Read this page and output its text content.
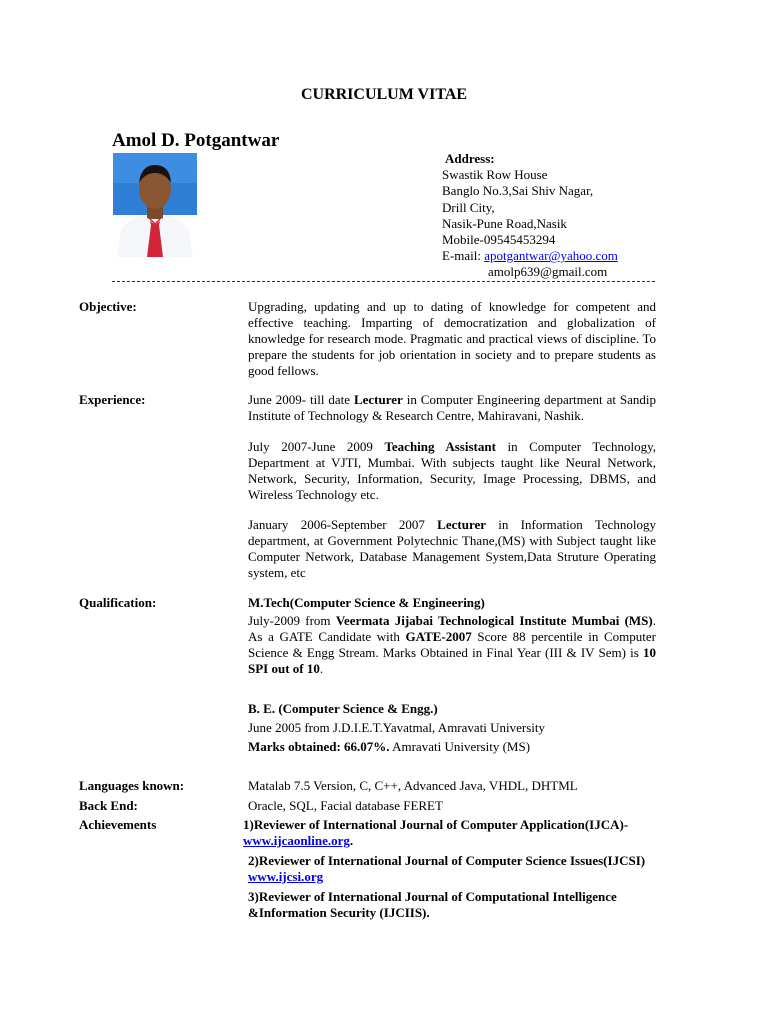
CURRICULUM VITAE
Amol D. Potgantwar
Address:
Swastik Row House
Banglo No.3,Sai Shiv Nagar,
Drill City,
Nasik-Pune Road,Nasik
Mobile-09545453294
E-mail: apotgantwar@yahoo.com
amolp639@gmail.com
Objective:	Upgrading, updating and up to dating of knowledge for competent and effective teaching. Imparting of democratization and globalization of knowledge for research mode. Pragmatic and practical views of discipline. To prepare the students for job orientation in society and to prepare students as good fellows.
Experience:	June 2009- till date Lecturer in Computer Engineering department at Sandip Institute of Technology & Research Centre, Mahiravani, Nashik.
July 2007-June 2009 Teaching Assistant in Computer Technology, Department at VJTI, Mumbai. With subjects taught like Neural Network, Network, Security, Information, Security, Image Processing, DBMS, and Wireless Technology etc.
January 2006-September 2007 Lecturer in Information Technology department, at Government Polytechnic Thane,(MS) with Subject taught like Computer Network, Database Management System,Data Struture Operating system, etc
Qualification:	M.Tech(Computer Science & Engineering)
July-2009 from Veermata Jijabai Technological Institute Mumbai (MS). As a GATE Candidate with GATE-2007 Score 88 percentile in Computer Science & Engg Stream. Marks Obtained in Final Year (III & IV Sem) is 10 SPI out of 10.
B. E. (Computer Science & Engg.)
June 2005 from J.D.I.E.T.Yavatmal, Amravati University
Marks obtained: 66.07%. Amravati University (MS)
Languages known:	Matalab 7.5 Version, C, C++, Advanced Java, VHDL, DHTML
Back End:	Oracle, SQL, Facial database FERET
Achievements	1)Reviewer of International Journal of Computer Application(IJCA)-www.ijcaonline.org.
2)Reviewer of International Journal of Computer Science Issues(IJCSI) www.ijcsi.org
3)Reviewer of International Journal of Computational Intelligence &Information Security (IJCIIS).
